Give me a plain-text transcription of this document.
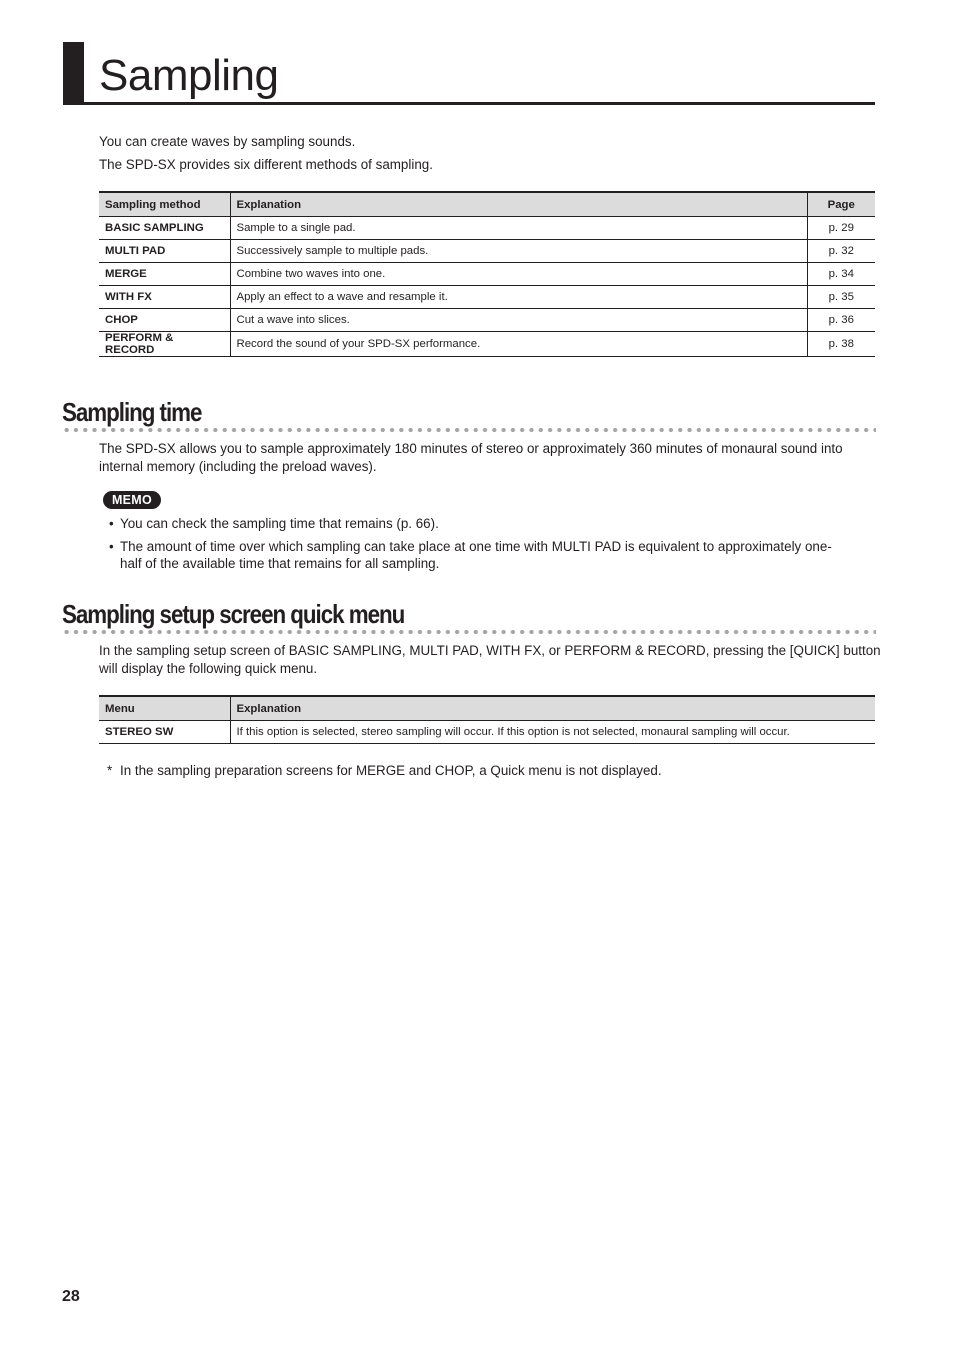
Sampling

You can create waves by sampling sounds.

The SPD-SX provides six different methods of sampling.

Sampling method	Explanation	Page
BASIC SAMPLING	Sample to a single pad.	p. 29
MULTI PAD	Successively sample to multiple pads.	p. 32
MERGE	Combine two waves into one.	p. 34
WITH FX	Apply an effect to a wave and resample it.	p. 35
CHOP	Cut a wave into slices.	p. 36
PERFORM & RECORD	Record the sound of your SPD-SX performance.	p. 38
Sampling time

The SPD-SX allows you to sample approximately 180 minutes of stereo or approximately 360 minutes of monaural sound into

internal memory (including the preload waves).

MEMO
• You can check the sampling time that remains (p. 66).
• The amount of time over which sampling can take place at one time with MULTI PAD is equivalent to approximately one-
half of the available time that remains for all sampling.
Sampling setup screen quick menu

In the sampling setup screen of BASIC SAMPLING, MULTI PAD, WITH FX, or PERFORM & RECORD, pressing the [QUICK] button

will display the following quick menu.

Menu	Explanation
STEREO SW	If this option is selected, stereo sampling will occur. If this option is not selected, monaural sampling will occur.
* In the sampling preparation screens for MERGE and CHOP, a Quick menu is not displayed.
28
